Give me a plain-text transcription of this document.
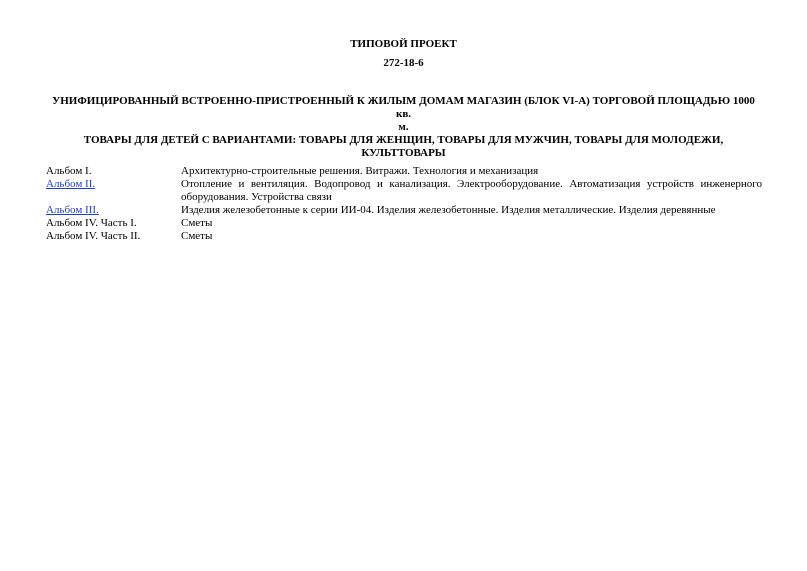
ТИПОВОЙ ПРОЕКТ
272-18-6
УНИФИЦИРОВАННЫЙ ВСТРОЕННО-ПРИСТРОЕННЫЙ К ЖИЛЫМ ДОМАМ МАГАЗИН (БЛОК VI-А) ТОРГОВОЙ ПЛОЩАДЬЮ 1000 кв.
м.
ТОВАРЫ ДЛЯ ДЕТЕЙ С ВАРИАНТАМИ: ТОВАРЫ ДЛЯ ЖЕНЩИН, ТОВАРЫ ДЛЯ МУЖЧИН, ТОВАРЫ ДЛЯ МОЛОДЕЖИ,
КУЛЬТТОВАРЫ
Альбом I.	Архитектурно-строительные решения. Витражи. Технология и механизация
Альбом II.	Отопление и вентиляция. Водопровод и канализация. Электрооборудование. Автоматизация устройств инженерного оборудования. Устройства связи
Альбом III.	Изделия железобетонные к серии ИИ-04. Изделия железобетонные. Изделия металлические. Изделия деревянные
Альбом IV. Часть I.	Сметы
Альбом IV. Часть II.	Сметы
